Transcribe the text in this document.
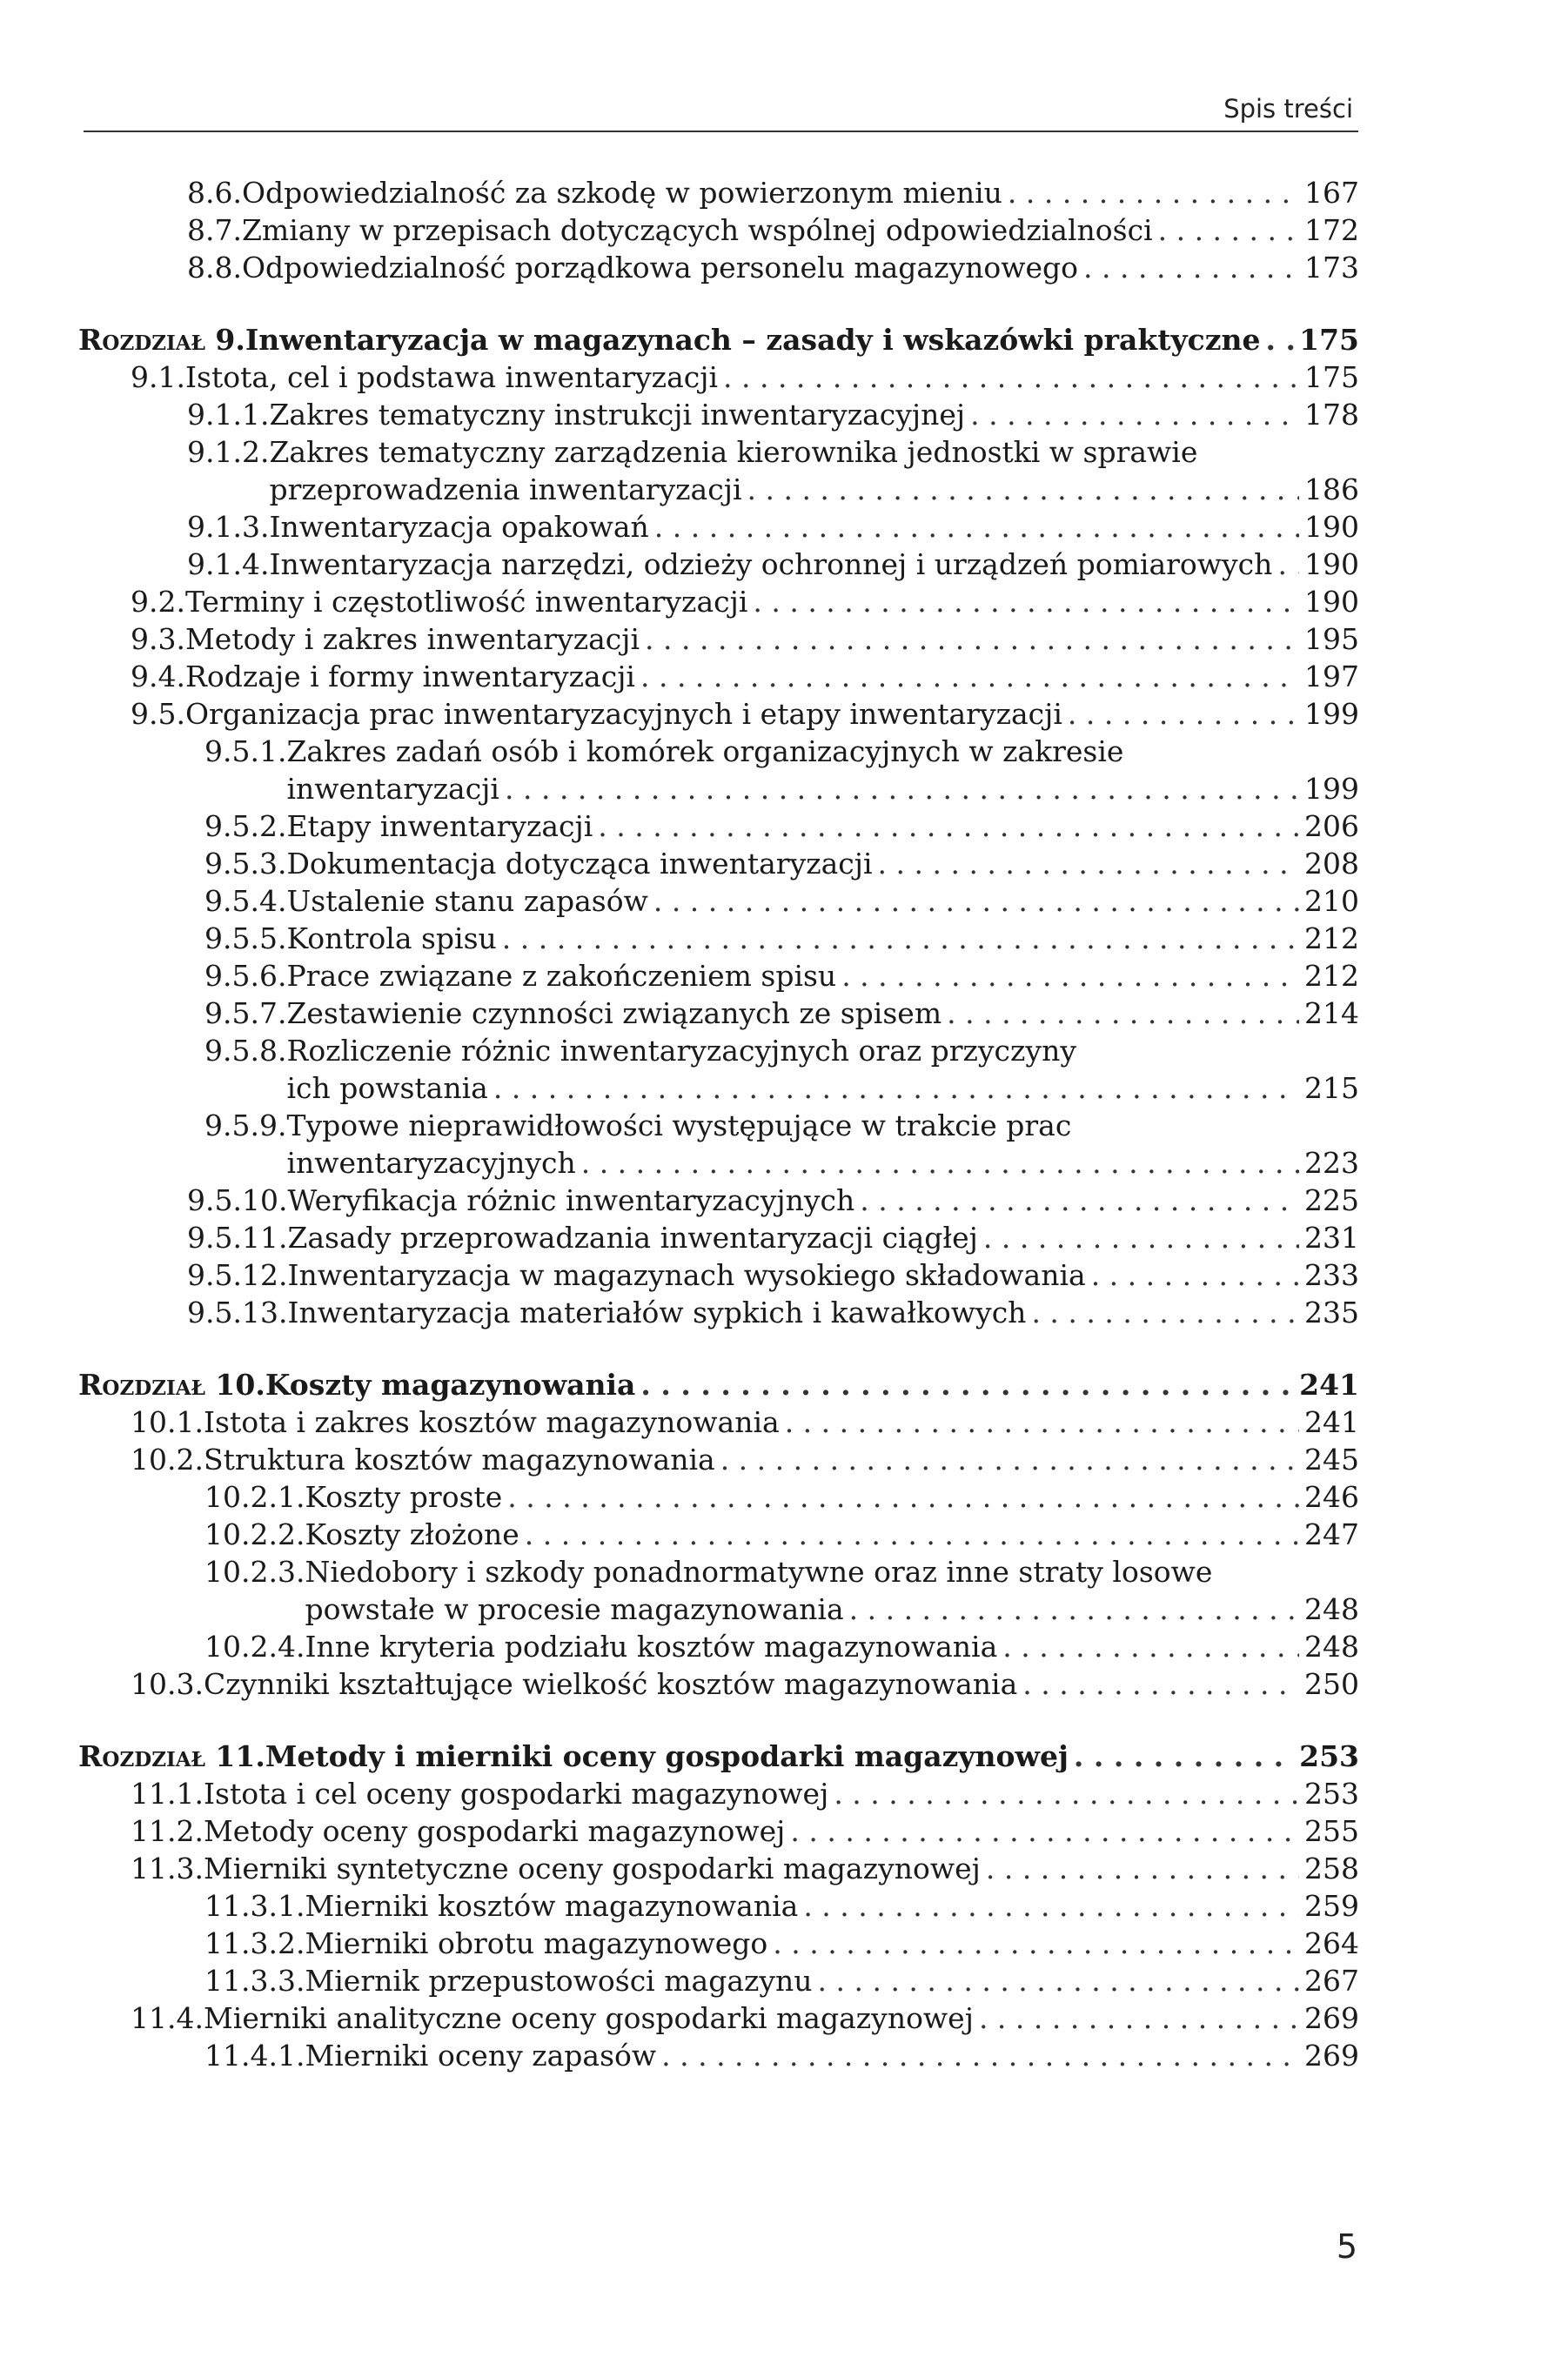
Spis treści
8.6.Odpowiedzialność za szkodę w powierzonym mieniu . . .	167
8.7.Zmiany w przepisach dotyczących wspólnej odpowiedzialności . . .	172
8.8.Odpowiedzialność porządkowa personelu magazynowego . . .	173
Rozdział 9.Inwentaryzacja w magazynach – zasady i wskazówki praktyczne . . . 175
9.1.Istota, cel i podstawa inwentaryzacji . . .	175
9.1.1.Zakres tematyczny instrukcji inwentaryzacyjnej . . .	178
9.1.2.Zakres tematyczny zarządzenia kierownika jednostki w sprawie
przeprowadzenia inwentaryzacji . . .	186
9.1.3.Inwentaryzacja opakowań . . .	190
9.1.4.Inwentaryzacja narzędzi, odzieży ochronnej i urządzeń pomiarowych . . . 190
9.2.Terminy i częstotliwość inwentaryzacji . . .	190
9.3.Metody i zakres inwentaryzacji . . .	195
9.4.Rodzaje i formy inwentaryzacji . . .	197
9.5.Organizacja prac inwentaryzacyjnych i etapy inwentaryzacji . . .	199
9.5.1.Zakres zadań osób i komórek organizacyjnych w zakresie
inwentaryzacji . . .	199
9.5.2.Etapy inwentaryzacji . . .	206
9.5.3.Dokumentacja dotycząca inwentaryzacji . . .	208
9.5.4.Ustalenie stanu zapasów . . .	210
9.5.5.Kontrola spisu . . .	212
9.5.6.Prace związane z zakończeniem spisu . . .	212
9.5.7.Zestawienie czynności związanych ze spisem . . .	214
9.5.8.Rozliczenie różnic inwentaryzacyjnych oraz przyczyny
ich powstania . . .	215
9.5.9.Typowe nieprawidłowości występujące w trakcie prac
inwentaryzacyjnych . . .	223
9.5.10.Weryfikacja różnic inwentaryzacyjnych . . .	225
9.5.11.Zasady przeprowadzania inwentaryzacji ciągłej . . .	231
9.5.12.Inwentaryzacja w magazynach wysokiego składowania . . .	233
9.5.13.Inwentaryzacja materiałów sypkich i kawałkowych . . .	235
Rozdział 10.Koszty magazynowania . . .	241
10.1.Istota i zakres kosztów magazynowania . . .	241
10.2.Struktura kosztów magazynowania . . .	245
10.2.1.Koszty proste . . .	246
10.2.2.Koszty złożone . . .	247
10.2.3.Niedobory i szkody ponadnormatywne oraz inne straty losowe
powstałe w procesie magazynowania . . .	248
10.2.4.Inne kryteria podziału kosztów magazynowania . . .	248
10.3.Czynniki kształtujące wielkość kosztów magazynowania . . .	250
Rozdział 11.Metody i mierniki oceny gospodarki magazynowej . . .	253
11.1.Istota i cel oceny gospodarki magazynowej . . .	253
11.2.Metody oceny gospodarki magazynowej . . .	255
11.3.Mierniki syntetyczne oceny gospodarki magazynowej . . .	258
11.3.1.Mierniki kosztów magazynowania . . .	259
11.3.2.Mierniki obrotu magazynowego . . .	264
11.3.3.Miernik przepustowości magazynu . . .	267
11.4.Mierniki analityczne oceny gospodarki magazynowej . . .	269
11.4.1.Mierniki oceny zapasów . . .	269
5
